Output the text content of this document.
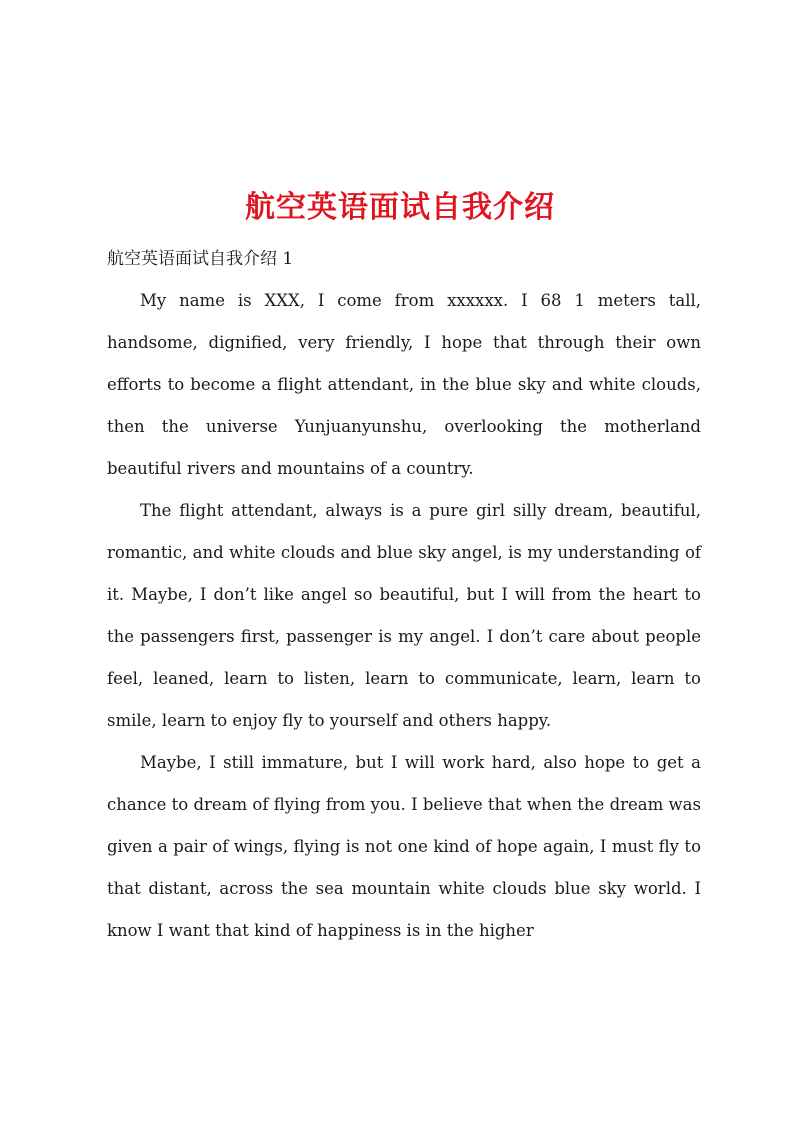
航空英语面试自我介绍

航空英语面试自我介绍 1

My name is XXX, I come from xxxxxx. I 68 1 meters tall, handsome, dignified, very friendly, I hope that through their own efforts to become a flight attendant, in the blue sky and white clouds, then the universe Yunjuanyunshu, overlooking the motherland beautiful rivers and mountains of a country.

The flight attendant, always is a pure girl silly dream, beautiful, romantic, and white clouds and blue sky angel, is my understanding of it. Maybe, I don’t like angel so beautiful, but I will from the heart to the passengers first, passenger is my angel. I don’t care about people feel, leaned, learn to listen, learn to communicate, learn, learn to smile, learn to enjoy fly to yourself and others happy.

Maybe, I still immature, but I will work hard, also hope to get a chance to dream of flying from you. I believe that when the dream was given a pair of wings, flying is not one kind of hope again, I must fly to that distant, across the sea mountain white clouds blue sky world. I know I want that kind of happiness is in the higher
